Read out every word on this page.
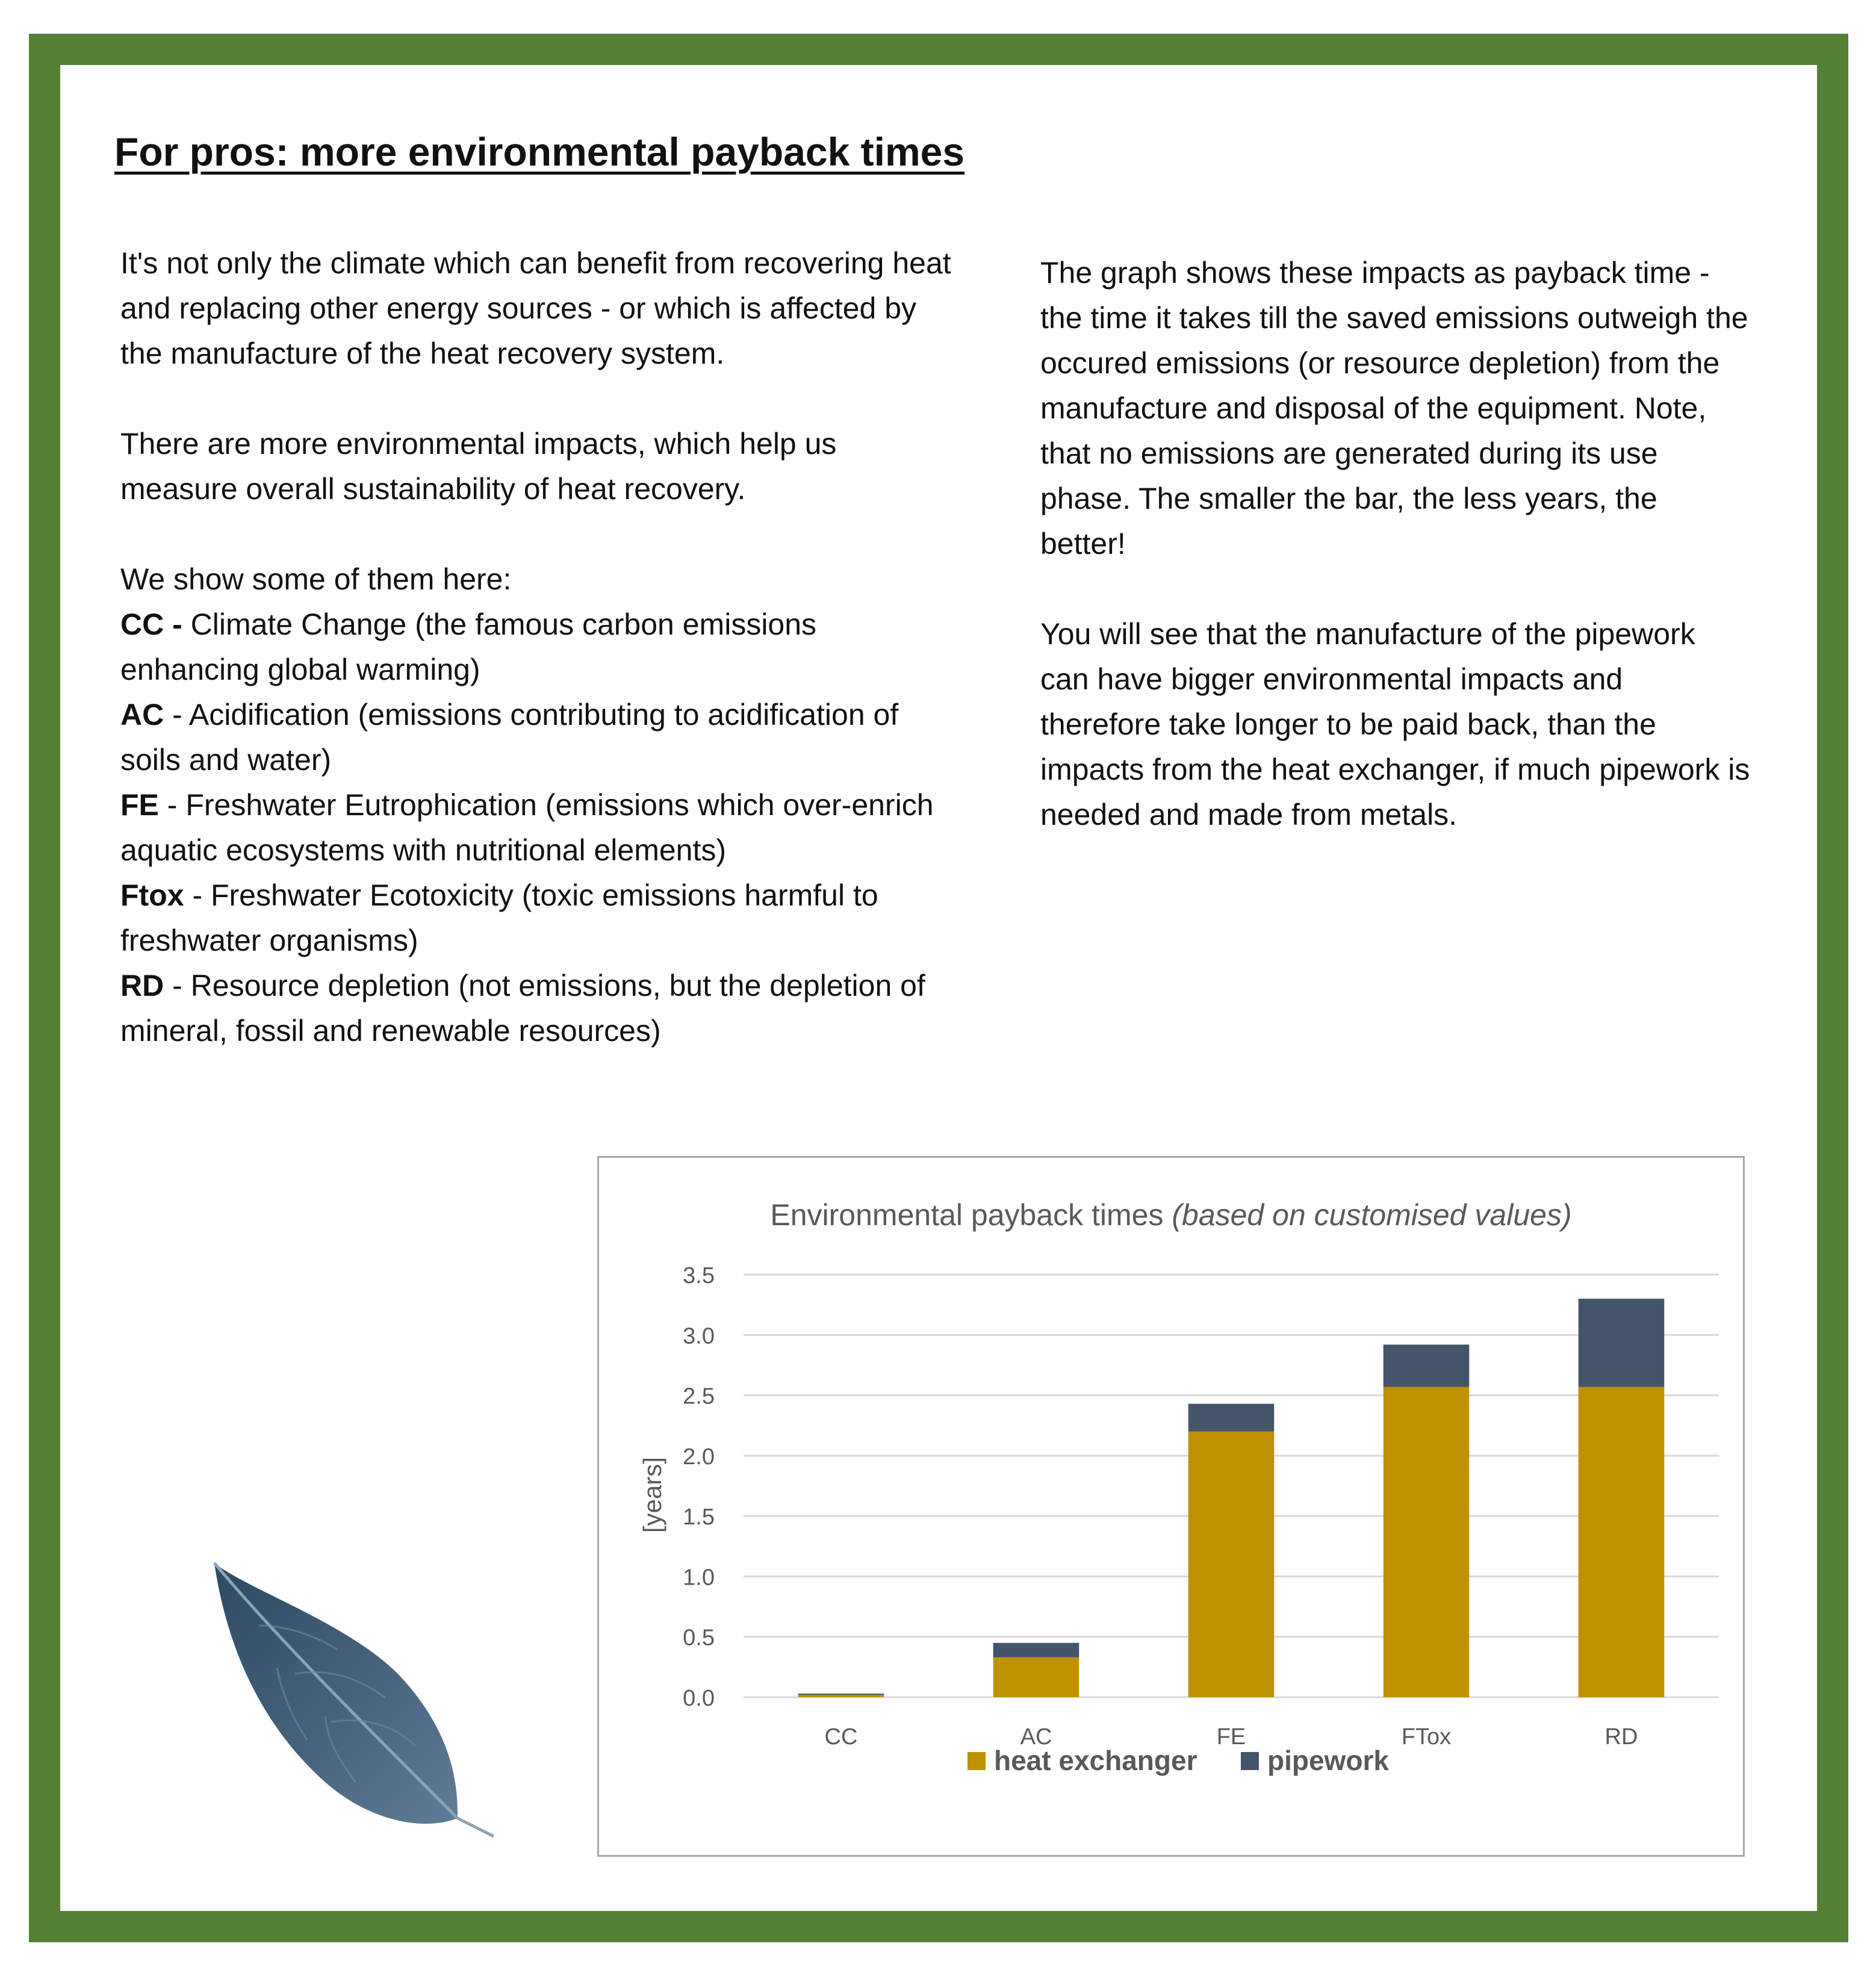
For pros: more environmental payback times

It's not only the climate which can benefit from recovering heat and replacing other energy sources - or which is affected by the manufacture of the heat recovery system.

There are more environmental impacts, which help us measure overall sustainability of heat recovery.

We show some of them here:

CC - Climate Change (the famous carbon emissions enhancing global warming)

AC - Acidification (emissions contributing to acidification of soils and water)

FE - Freshwater Eutrophication (emissions which over-enrich aquatic ecosystems with nutritional elements)

Ftox - Freshwater Ecotoxicity (toxic emissions harmful to freshwater organisms)

RD - Resource depletion (not emissions, but the depletion of mineral, fossil and renewable resources)

The graph shows these impacts as payback time - the time it takes till the saved emissions outweigh the occured emissions (or resource depletion) from the manufacture and disposal of the equipment. Note, that no emissions are generated during its use phase. The smaller the bar, the less years, the better!

You will see that the manufacture of the pipework can have bigger environmental impacts and therefore take longer to be paid back, than the impacts from the heat exchanger, if much pipework is needed and made from metals.

Environmental payback times (based on customised values)
[years]
0.0
0.5
1.0
1.5
2.0
2.5
3.0
3.5
CC	AC	FE	FTox	RD
heat exchanger	pipework
